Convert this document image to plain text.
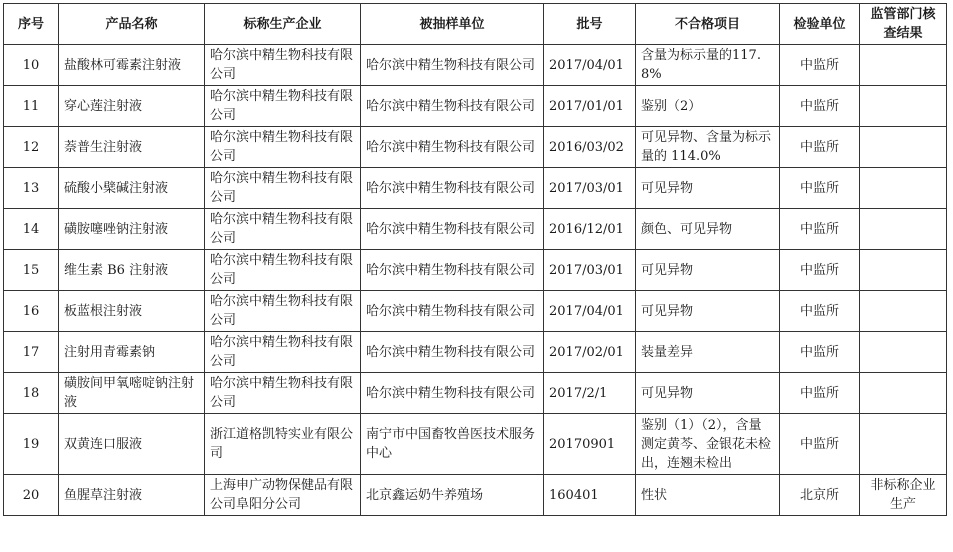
序号	产品名称	标称生产企业	被抽样单位	批号	不合格项目	检验单位	监管部门核查结果
10	盐酸林可霉素注射液	哈尔滨中精生物科技有限公司	哈尔滨中精生物科技有限公司	2017/04/01	含量为标示量的117.8%	中监所	
11	穿心莲注射液	哈尔滨中精生物科技有限公司	哈尔滨中精生物科技有限公司	2017/01/01	鉴别（2）	中监所	
12	萘普生注射液	哈尔滨中精生物科技有限公司	哈尔滨中精生物科技有限公司	2016/03/02	可见异物、含量为标示量的 114.0%	中监所	
13	硫酸小檗碱注射液	哈尔滨中精生物科技有限公司	哈尔滨中精生物科技有限公司	2017/03/01	可见异物	中监所	
14	磺胺噻唑钠注射液	哈尔滨中精生物科技有限公司	哈尔滨中精生物科技有限公司	2016/12/01	颜色、可见异物	中监所	
15	维生素 B6 注射液	哈尔滨中精生物科技有限公司	哈尔滨中精生物科技有限公司	2017/03/01	可见异物	中监所	
16	板蓝根注射液	哈尔滨中精生物科技有限公司	哈尔滨中精生物科技有限公司	2017/04/01	可见异物	中监所	
17	注射用青霉素钠	哈尔滨中精生物科技有限公司	哈尔滨中精生物科技有限公司	2017/02/01	装量差异	中监所	
18	磺胺间甲氧嘧啶钠注射液	哈尔滨中精生物科技有限公司	哈尔滨中精生物科技有限公司	2017/2/1	可见异物	中监所	
19	双黄连口服液	浙江道格凯特实业有限公司	南宁市中国畜牧兽医技术服务中心	20170901	鉴别（1）（2），含量测定黄芩、金银花未检出，连翘未检出	中监所	
20	鱼腥草注射液	上海申广动物保健品有限公司阜阳分公司	北京鑫运奶牛养殖场	160401	性状	北京所	非标称企业生产
